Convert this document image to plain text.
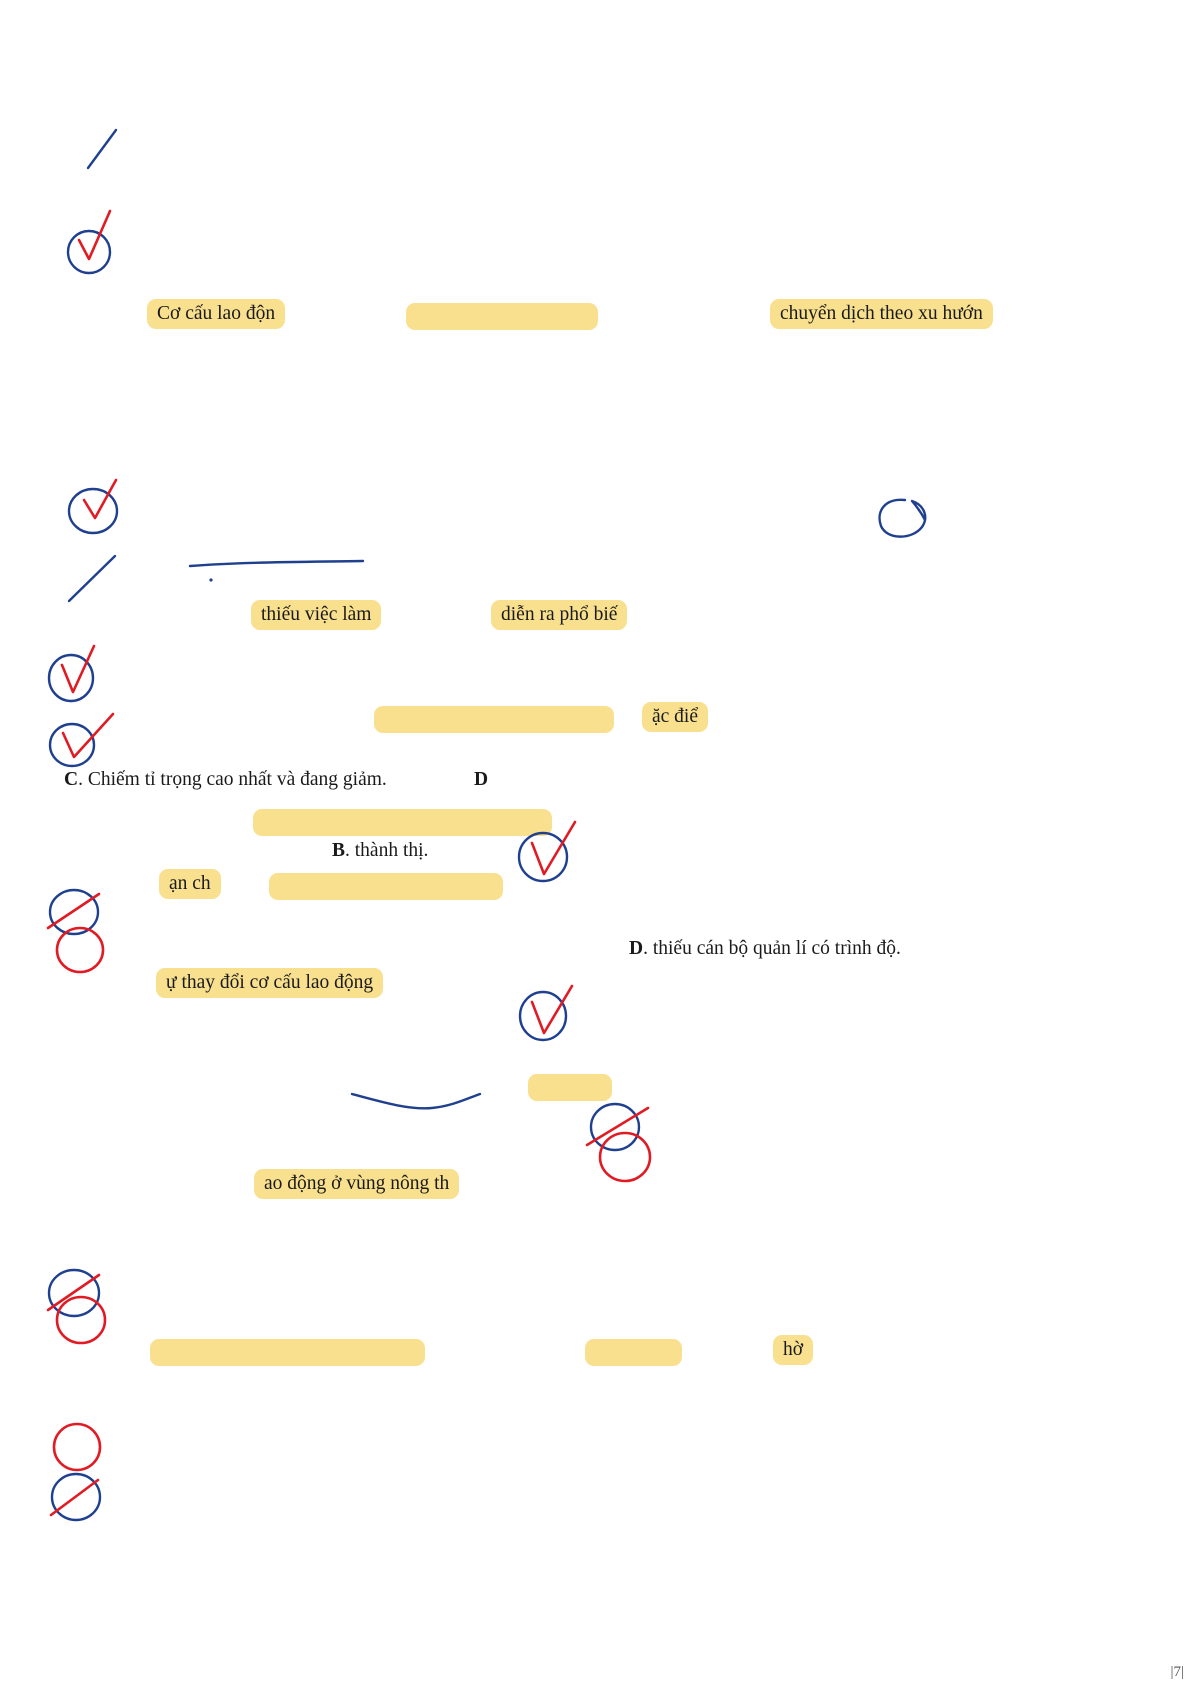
Cơ cấu lao độn	chuyển dịch theo xu hướn
thiếu việc làm	diễn ra phổ biế
ặc điể
ạn ch
ự thay đổi cơ cấu lao động
ao động ở vùng nông th
hờ
C. Chiếm tỉ trọng cao nhất và đang giảm.	D
B. thành thị.
D. thiếu cán bộ quản lí có trình độ.
|7|
